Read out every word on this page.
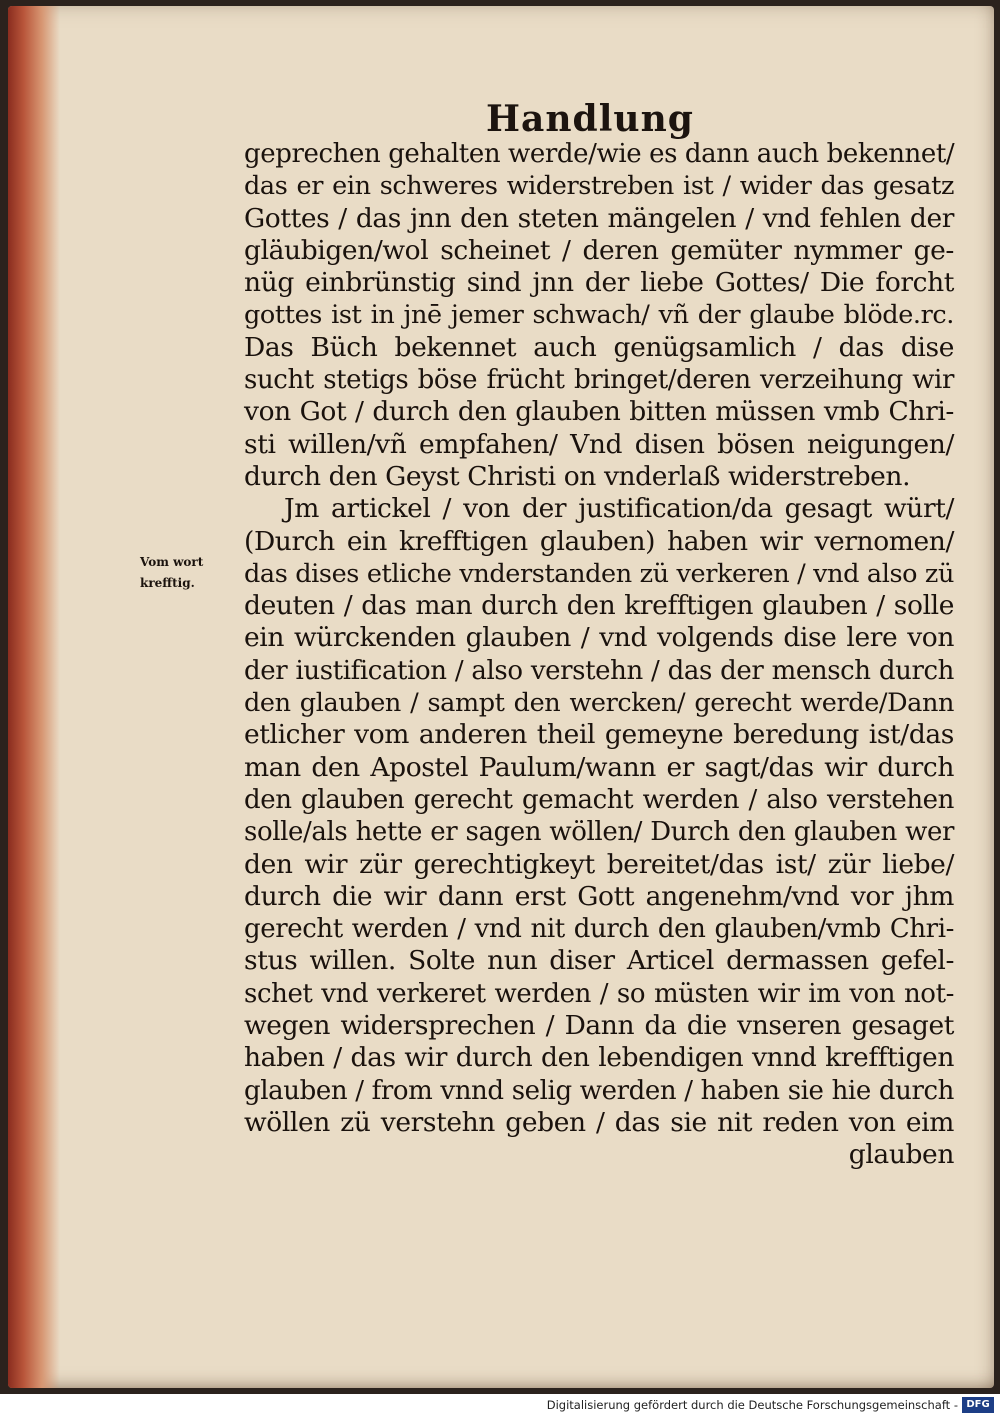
Handlung
Vom wort
krefftig.
geprechen gehalten werde/wie es dann auch bekennet/
das er ein schweres widerstreben ist / wider das gesatz
Gottes / das jnn den steten mängelen / vnd fehlen der
gläubigen/wol scheinet / deren gemüter nymmer ge-
nüg einbrünstig sind jnn der liebe Gottes/ Die forcht
gottes ist in jnē jemer schwach/ vñ der glaube blöde.rc.
Das Büch bekennet auch genügsamlich / das dise
sucht stetigs böse frücht bringet/deren verzeihung wir
von Got / durch den glauben bitten müssen vmb Chri-
sti willen/vñ empfahen/ Vnd disen bösen neigungen/
durch den Geyst Christi on vnderlaß widerstreben.
Jm artickel / von der justification/da gesagt würt/
(Durch ein krefftigen glauben) haben wir vernomen/
das dises etliche vnderstanden zü verkeren / vnd also zü
deuten / das man durch den krefftigen glauben / solle
ein würckenden glauben / vnd volgends dise lere von
der iustification / also verstehn / das der mensch durch
den glauben / sampt den wercken/ gerecht werde/Dann
etlicher vom anderen theil gemeyne beredung ist/das
man den Apostel Paulum/wann er sagt/das wir durch
den glauben gerecht gemacht werden / also verstehen
solle/als hette er sagen wöllen/ Durch den glauben wer
den wir zür gerechtigkeyt bereitet/das ist/ zür liebe/
durch die wir dann erst Gott angenehm/vnd vor jhm
gerecht werden / vnd nit durch den glauben/vmb Chri-
stus willen. Solte nun diser Articel dermassen gefel-
schet vnd verkeret werden / so müsten wir im von not-
wegen widersprechen / Dann da die vnseren gesaget
haben / das wir durch den lebendigen vnnd krefftigen
glauben / from vnnd selig werden / haben sie hie durch
wöllen zü verstehn geben / das sie nit reden von eim
glauben
Digitalisierung gefördert durch die Deutsche Forschungsgemeinschaft - DFG
